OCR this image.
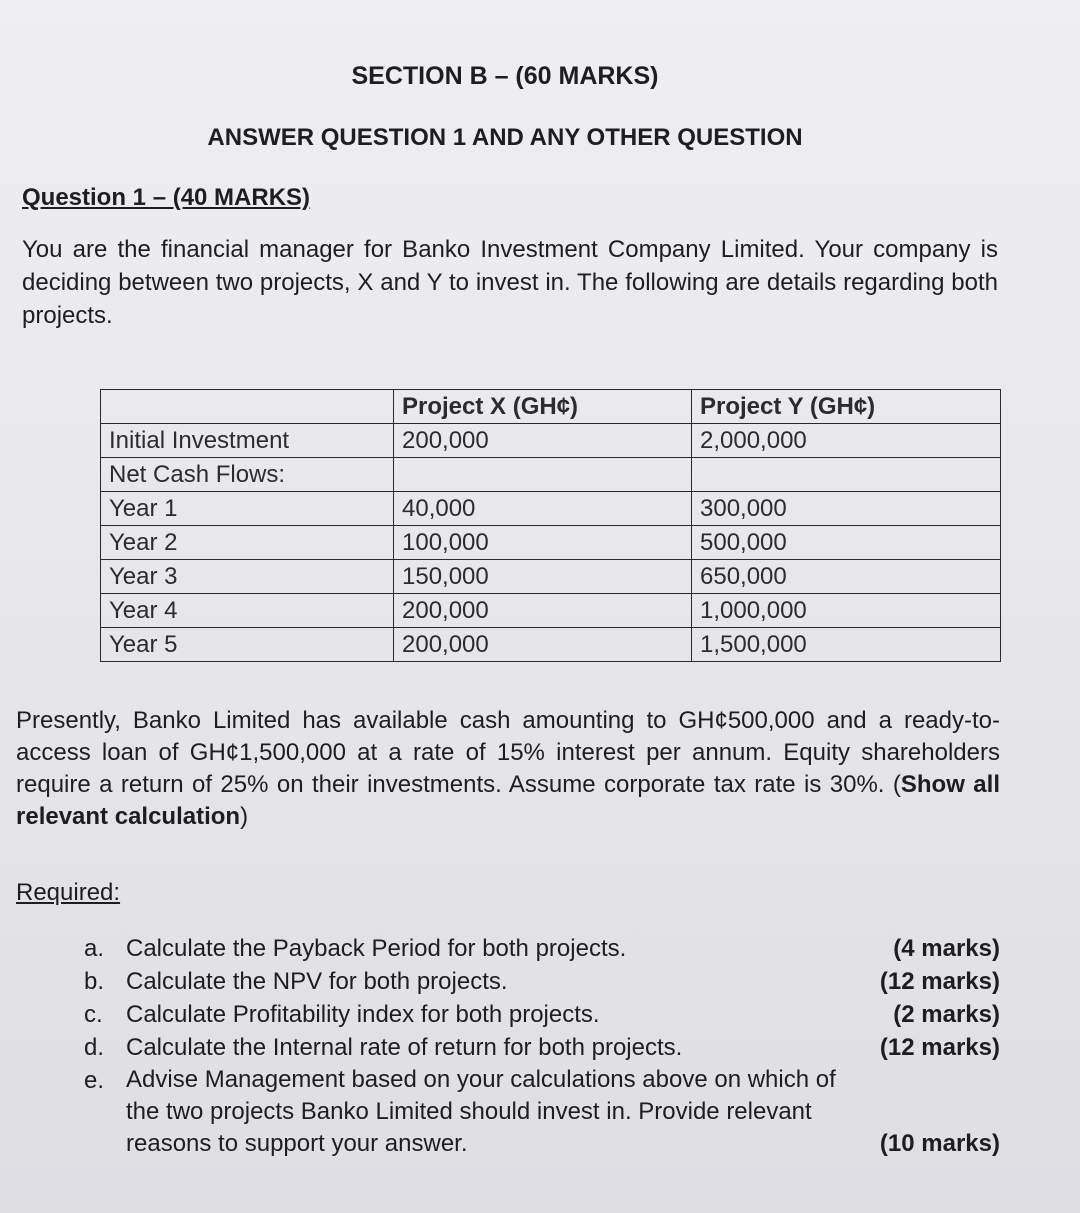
SECTION B – (60 MARKS)
ANSWER QUESTION 1 AND ANY OTHER QUESTION
Question 1 – (40 MARKS)
You are the financial manager for Banko Investment Company Limited. Your company is deciding between two projects, X and Y to invest in. The following are details regarding both projects.
	Project X (GH¢)	Project Y (GH¢)
Initial Investment	200,000	2,000,000
Net Cash Flows:		
Year 1	40,000	300,000
Year 2	100,000	500,000
Year 3	150,000	650,000
Year 4	200,000	1,000,000
Year 5	200,000	1,500,000
Presently, Banko Limited has available cash amounting to GH¢500,000 and a ready-to-access loan of GH¢1,500,000 at a rate of 15% interest per annum. Equity shareholders require a return of 25% on their investments. Assume corporate tax rate is 30%. (Show all relevant calculation)
Required:
a. Calculate the Payback Period for both projects.	(4 marks)
b. Calculate the NPV for both projects.	(12 marks)
c. Calculate Profitability index for both projects.	(2 marks)
d. Calculate the Internal rate of return for both projects.	(12 marks)
e. Advise Management based on your calculations above on which of the two projects Banko Limited should invest in. Provide relevant reasons to support your answer.	(10 marks)
